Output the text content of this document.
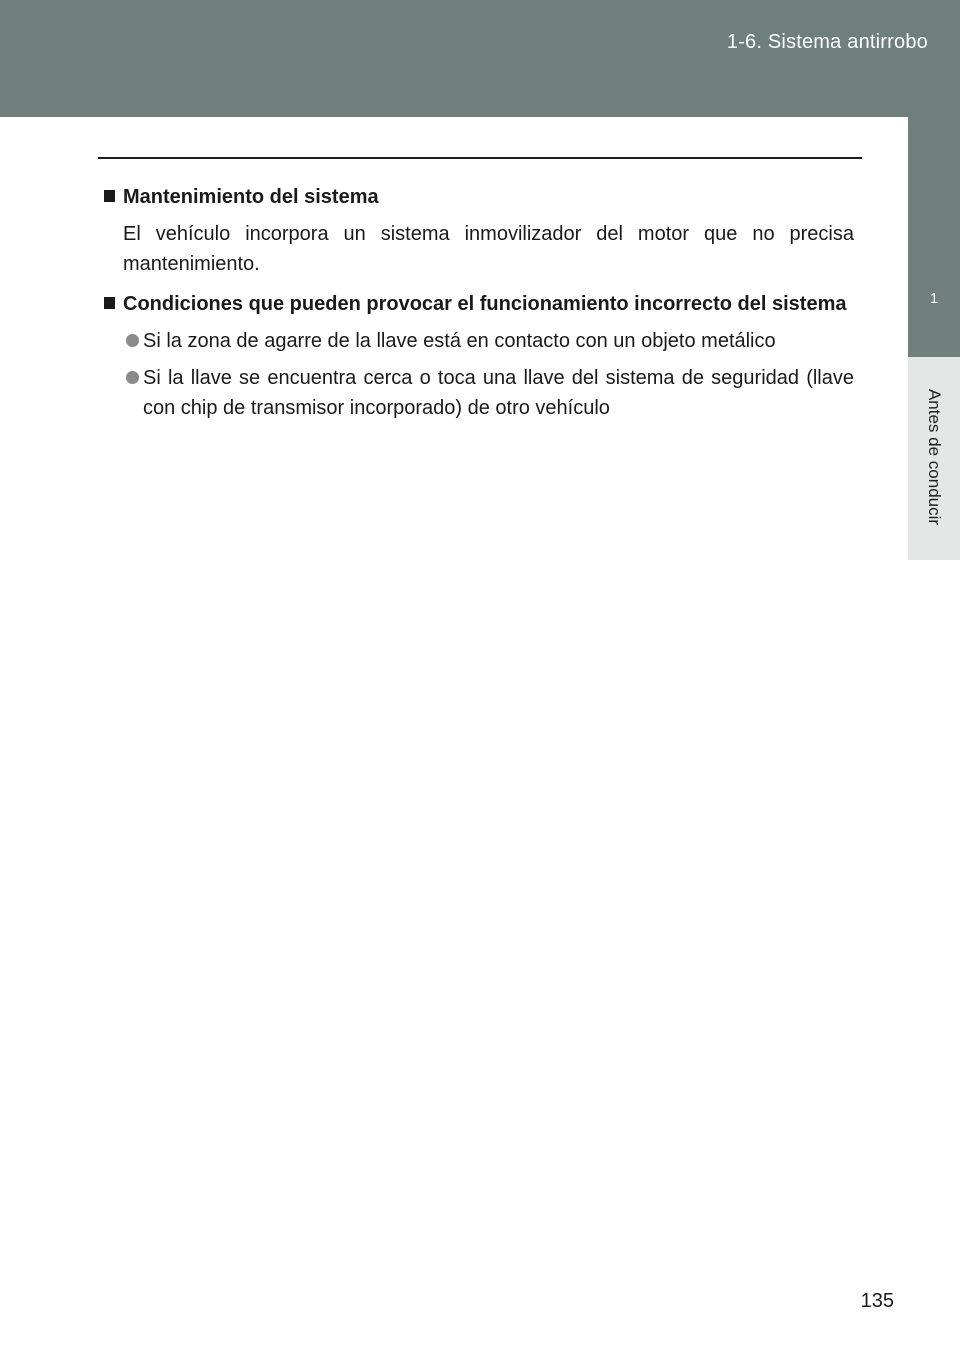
1-6. Sistema antirrobo
1
Antes de conducir
Mantenimiento del sistema
El vehículo incorpora un sistema inmovilizador del motor que no precisa mantenimiento.
Condiciones que pueden provocar el funcionamiento incorrecto del sistema
Si la zona de agarre de la llave está en contacto con un objeto metálico
Si la llave se encuentra cerca o toca una llave del sistema de seguridad (llave con chip de transmisor incorporado) de otro vehículo
135
